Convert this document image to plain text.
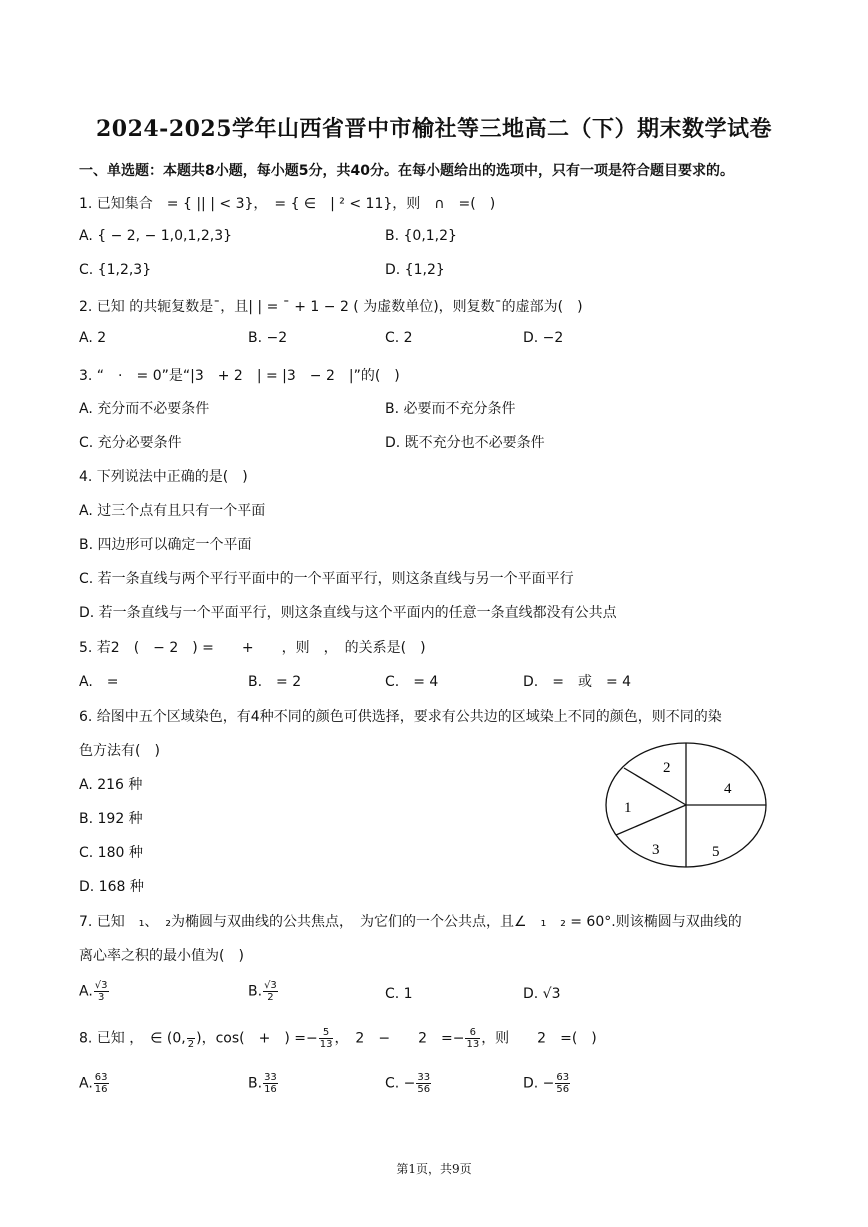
2024-2025学年山西省晋中市榆社等三地高二（下）期末数学试卷
一、单选题：本题共8小题，每小题5分，共40分。在每小题给出的选项中，只有一项是符合题目要求的。
1. 已知集合　= { || | < 3}，　= { ∈　| ² < 11}，则　∩　=(　)
A. { − 2, − 1,0,1,2,3}	B. {0,1,2}
C. {1,2,3}	D. {1,2}
2. 已知 的共轭复数是ˉ，且| | = ˉ + 1 − 2 ( 为虚数单位)，则复数ˉ的虚部为(　)
A. 2	B. −2	C. 2	D. −2
3. “　·　= 0”是“|3　+ 2　| = |3　− 2　|”的(　)
A. 充分而不必要条件	B. 必要而不充分条件
C. 充分必要条件	D. 既不充分也不必要条件
4. 下列说法中正确的是(　)
A. 过三个点有且只有一个平面
B. 四边形可以确定一个平面
C. 若一条直线与两个平行平面中的一个平面平行，则这条直线与另一个平面平行
D. 若一条直线与一个平面平行，则这条直线与这个平面内的任意一条直线都没有公共点
5. 若2　(　− 2　) =　　+　　，则　，　的关系是(　)
A.　=	B.　= 2	C.　= 4	D.　=　或　= 4
6. 给图中五个区域染色，有4种不同的颜色可供选择，要求有公共边的区域染上不同的颜色，则不同的染
色方法有(　)
A. 216 种
B. 192 种
C. 180 种
D. 168 种
1
2
3
4
5
7. 已知　₁、　₂为椭圆与双曲线的公共焦点，　为它们的一个公共点，且∠　₁　₂ = 60°.则该椭圆与双曲线的
离心率之积的最小值为(　)
A. $\frac{√3}{3}$	B. $\frac{√3}{2}$	C. 1	D. √3
8. 已知 ，　∈ (0,
2 )，cos(　+　) =− $\frac{5}{13}$ ，　2　−　　2　=− $\frac{6}{13}$ ，则　　2　=(　)
A. $\frac{63}{16}$	B. $\frac{33}{16}$	C. − $\frac{33}{56}$	D. − $\frac{63}{56}$
第1页，共9页
